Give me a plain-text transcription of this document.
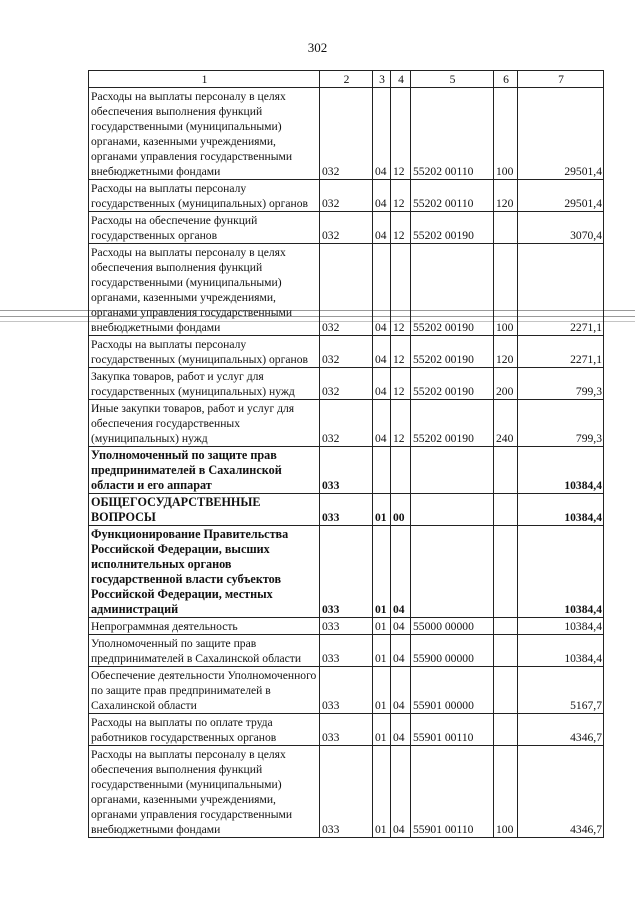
302
1	2	3	4	5	6	7
Расходы на выплаты персоналу в целях обеспечения выполнения функций государственными (муниципальными) органами, казенными учреждениями, органами управления государственными внебюджетными фондами	032	04	12	55202 00110	100	29501,4
Расходы на выплаты персоналу государственных (муниципальных) органов	032	04	12	55202 00110	120	29501,4
Расходы на обеспечение функций государственных органов	032	04	12	55202 00190		3070,4
Расходы на выплаты персоналу в целях обеспечения выполнения функций государственными (муниципальными) органами, казенными учреждениями, органами управления государственными внебюджетными фондами	032	04	12	55202 00190	100	2271,1
Расходы на выплаты персоналу государственных (муниципальных) органов	032	04	12	55202 00190	120	2271,1
Закупка товаров, работ и услуг для государственных (муниципальных) нужд	032	04	12	55202 00190	200	799,3
Иные закупки товаров, работ и услуг для обеспечения государственных (муниципальных) нужд	032	04	12	55202 00190	240	799,3
Уполномоченный по защите прав предпринимателей в Сахалинской области и его аппарат	033					10384,4
ОБЩЕГОСУДАРСТВЕННЫЕ ВОПРОСЫ	033	01	00			10384,4
Функционирование Правительства Российской Федерации, высших исполнительных органов государственной власти субъектов Российской Федерации, местных администраций	033	01	04			10384,4
Непрограммная деятельность	033	01	04	55000 00000		10384,4
Уполномоченный по защите прав предпринимателей в Сахалинской области	033	01	04	55900 00000		10384,4
Обеспечение деятельности Уполномоченного по защите прав предпринимателей в Сахалинской области	033	01	04	55901 00000		5167,7
Расходы на выплаты по оплате труда работников государственных органов	033	01	04	55901 00110		4346,7
Расходы на выплаты персоналу в целях обеспечения выполнения функций государственными (муниципальными) органами, казенными учреждениями, органами управления государственными внебюджетными фондами	033	01	04	55901 00110	100	4346,7
